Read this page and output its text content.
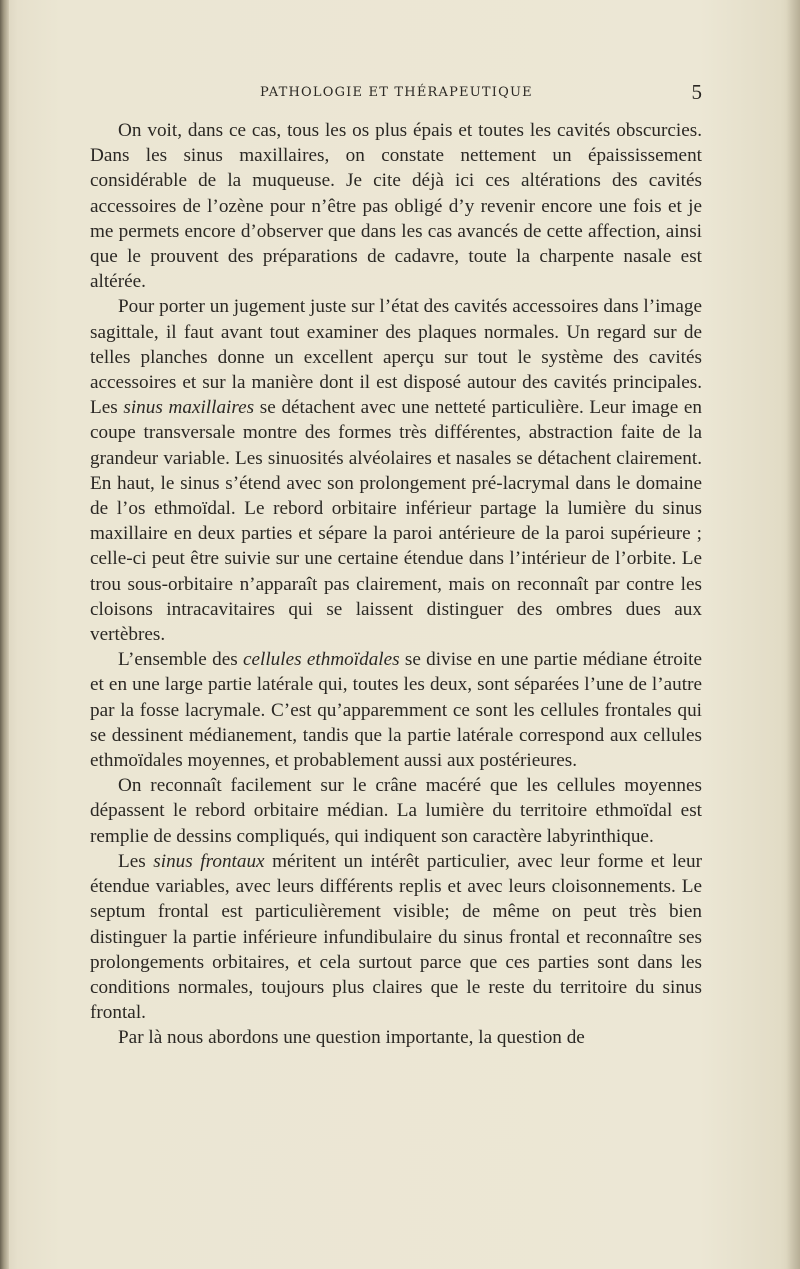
PATHOLOGIE ET THÉRAPEUTIQUE	5

On voit, dans ce cas, tous les os plus épais et toutes les cavités obscurcies. Dans les sinus maxillaires, on constate nettement un épaississement considérable de la muqueuse. Je cite déjà ici ces altérations des cavités accessoires de l’ozène pour n’être pas obligé d’y revenir encore une fois et je me permets encore d’observer que dans les cas avancés de cette affection, ainsi que le prouvent des préparations de cadavre, toute la charpente nasale est altérée.

Pour porter un jugement juste sur l’état des cavités accessoires dans l’image sagittale, il faut avant tout examiner des plaques normales. Un regard sur de telles planches donne un excellent aperçu sur tout le système des cavités accessoires et sur la manière dont il est disposé autour des cavités principales. Les sinus maxillaires se détachent avec une netteté particulière. Leur image en coupe transversale montre des formes très différentes, abstraction faite de la grandeur variable. Les sinuosités alvéolaires et nasales se détachent clairement. En haut, le sinus s’étend avec son prolongement pré-lacrymal dans le domaine de l’os ethmoïdal. Le rebord orbitaire inférieur partage la lumière du sinus maxillaire en deux parties et sépare la paroi antérieure de la paroi supérieure ; celle-ci peut être suivie sur une certaine étendue dans l’intérieur de l’orbite. Le trou sous-orbitaire n’apparaît pas clairement, mais on reconnaît par contre les cloisons intracavitaires qui se laissent distinguer des ombres dues aux vertèbres.

L’ensemble des cellules ethmoïdales se divise en une partie médiane étroite et en une large partie latérale qui, toutes les deux, sont séparées l’une de l’autre par la fosse lacrymale. C’est qu’apparemment ce sont les cellules frontales qui se dessinent médianement, tandis que la partie latérale correspond aux cellules ethmoïdales moyennes, et probablement aussi aux postérieures.

On reconnaît facilement sur le crâne macéré que les cellules moyennes dépassent le rebord orbitaire médian. La lumière du territoire ethmoïdal est remplie de dessins compliqués, qui indiquent son caractère labyrinthique.

Les sinus frontaux méritent un intérêt particulier, avec leur forme et leur étendue variables, avec leurs différents replis et avec leurs cloisonnements. Le septum frontal est particulièrement visible; de même on peut très bien distinguer la partie inférieure infundibulaire du sinus frontal et reconnaître ses prolongements orbitaires, et cela surtout parce que ces parties sont dans les conditions normales, toujours plus claires que le reste du territoire du sinus frontal.

Par là nous abordons une question importante, la question de
